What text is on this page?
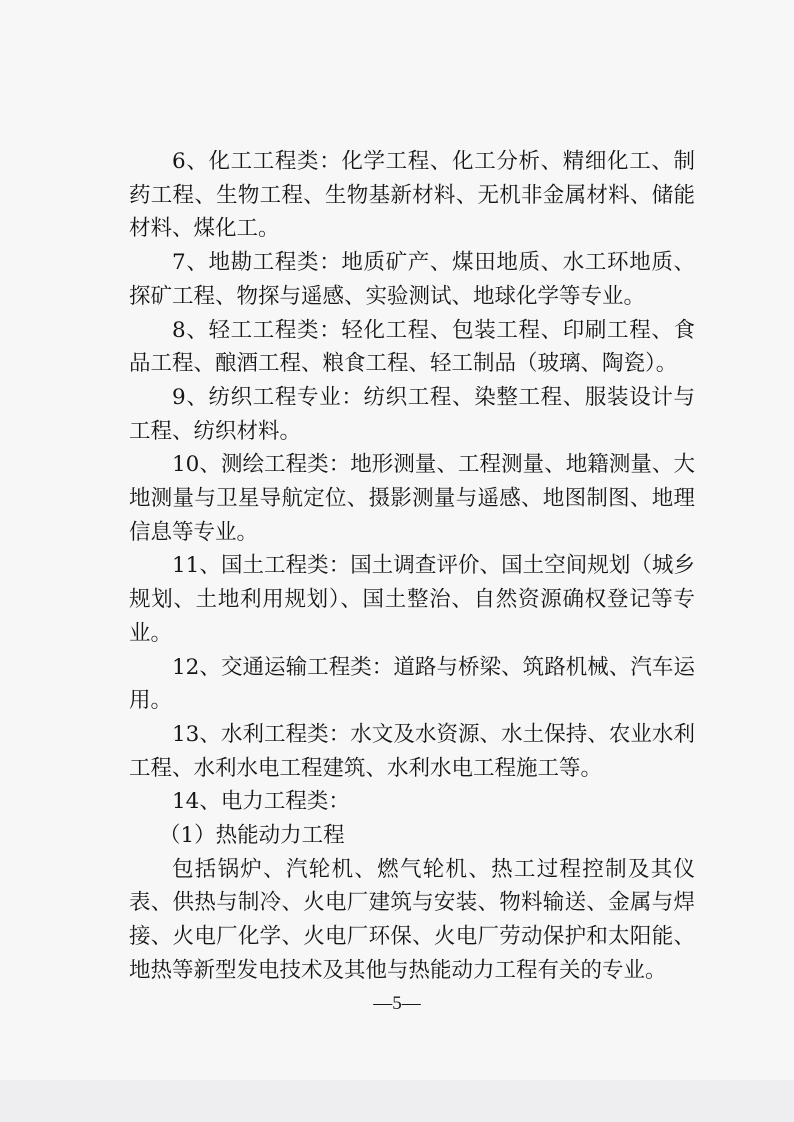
6、化工工程类：化学工程、化工分析、精细化工、制药工程、生物工程、生物基新材料、无机非金属材料、储能材料、煤化工。

7、地勘工程类：地质矿产、煤田地质、水工环地质、探矿工程、物探与遥感、实验测试、地球化学等专业。

8、轻工工程类：轻化工程、包装工程、印刷工程、食品工程、酿酒工程、粮食工程、轻工制品（玻璃、陶瓷）。

9、纺织工程专业：纺织工程、染整工程、服装设计与工程、纺织材料。

10、测绘工程类：地形测量、工程测量、地籍测量、大地测量与卫星导航定位、摄影测量与遥感、地图制图、地理信息等专业。

11、国土工程类：国土调查评价、国土空间规划（城乡规划、土地利用规划）、国土整治、自然资源确权登记等专业。

12、交通运输工程类：道路与桥梁、筑路机械、汽车运用。

13、水利工程类：水文及水资源、水土保持、农业水利工程、水利水电工程建筑、水利水电工程施工等。

14、电力工程类：

（1）热能动力工程

包括锅炉、汽轮机、燃气轮机、热工过程控制及其仪表、供热与制冷、火电厂建筑与安装、物料输送、金属与焊接、火电厂化学、火电厂环保、火电厂劳动保护和太阳能、地热等新型发电技术及其他与热能动力工程有关的专业。

—5—
